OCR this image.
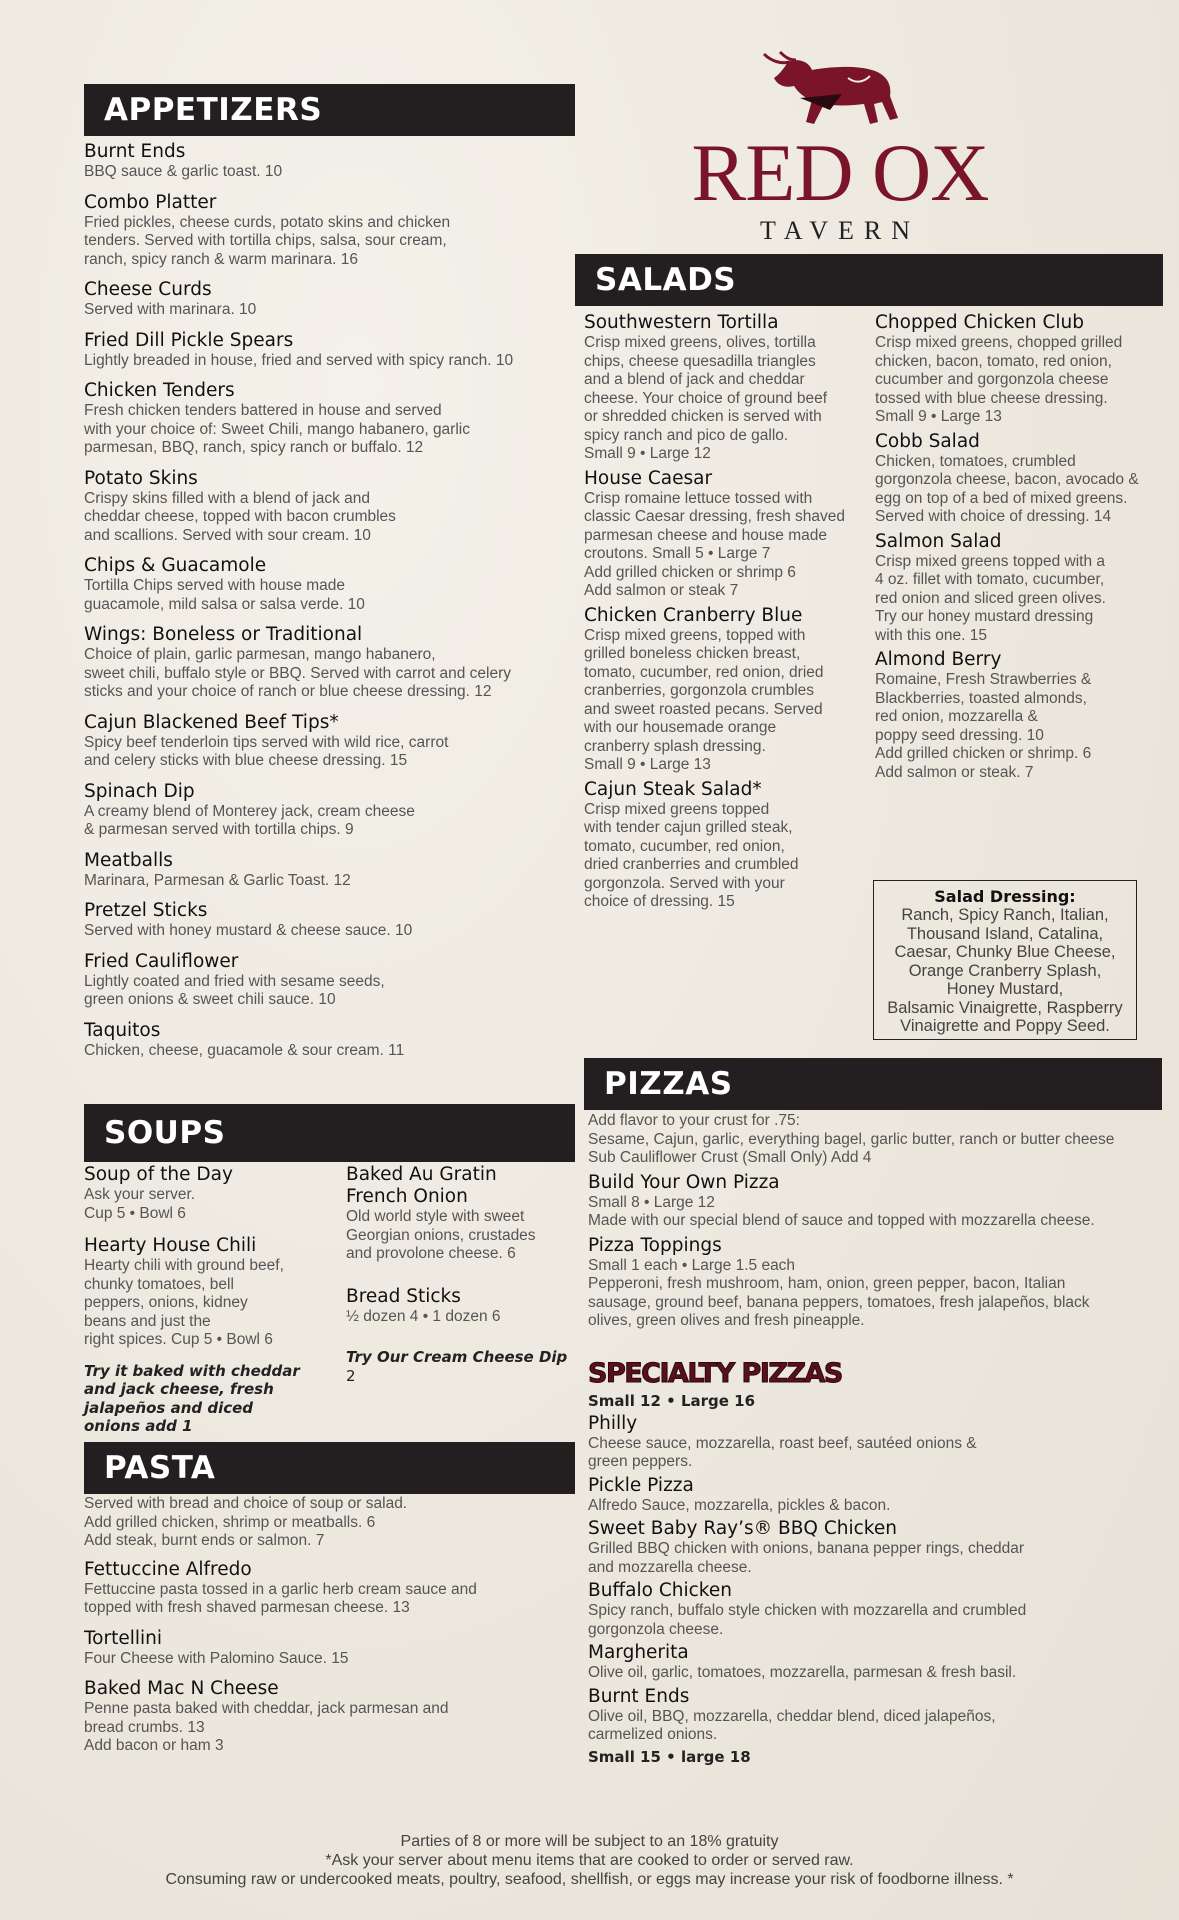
RED OX
TAVERN
APPETIZERS
Burnt Ends
BBQ sauce & garlic toast. 10
Combo Platter
Fried pickles, cheese curds, potato skins and chicken
tenders. Served with tortilla chips, salsa, sour cream,
ranch, spicy ranch & warm marinara. 16
Cheese Curds
Served with marinara. 10
Fried Dill Pickle Spears
Lightly breaded in house, fried and served with spicy ranch. 10
Chicken Tenders
Fresh chicken tenders battered in house and served
with your choice of: Sweet Chili, mango habanero, garlic
parmesan, BBQ, ranch, spicy ranch or buffalo. 12
Potato Skins
Crispy skins filled with a blend of jack and
cheddar cheese, topped with bacon crumbles
and scallions. Served with sour cream. 10
Chips & Guacamole
Tortilla Chips served with house made
guacamole, mild salsa or salsa verde. 10
Wings: Boneless or Traditional
Choice of plain, garlic parmesan, mango habanero,
sweet chili, buffalo style or BBQ. Served with carrot and celery
sticks and your choice of ranch or blue cheese dressing. 12
Cajun Blackened Beef Tips*
Spicy beef tenderloin tips served with wild rice, carrot
and celery sticks with blue cheese dressing. 15
Spinach Dip
A creamy blend of Monterey jack, cream cheese
& parmesan served with tortilla chips. 9
Meatballs
Marinara, Parmesan & Garlic Toast. 12
Pretzel Sticks
Served with honey mustard & cheese sauce. 10
Fried Cauliflower
Lightly coated and fried with sesame seeds,
green onions & sweet chili sauce. 10
Taquitos
Chicken, cheese, guacamole & sour cream. 11
SOUPS
Soup of the Day
Ask your server.
Cup 5 • Bowl 6
Hearty House Chili
Hearty chili with ground beef,
chunky tomatoes, bell
peppers, onions, kidney
beans and just the
right spices. Cup 5 • Bowl 6
Try it baked with cheddar and jack cheese, fresh jalapeños and diced onions add 1
Baked Au Gratin
French Onion
Old world style with sweet
Georgian onions, crustades
and provolone cheese. 6
Bread Sticks
½ dozen 4 • 1 dozen 6
Try Our Cream Cheese Dip  2
PASTA
Served with bread and choice of soup or salad.
Add grilled chicken, shrimp or meatballs. 6
Add steak, burnt ends or salmon. 7
Fettuccine Alfredo
Fettuccine pasta tossed in a garlic herb cream sauce and
topped with fresh shaved parmesan cheese. 13
Tortellini
Four Cheese with Palomino Sauce. 15
Baked Mac N Cheese
Penne pasta baked with cheddar, jack parmesan and
bread crumbs. 13
Add bacon or ham 3
SALADS
Southwestern Tortilla
Crisp mixed greens, olives, tortilla
chips, cheese quesadilla triangles
and a blend of jack and cheddar
cheese. Your choice of ground beef
or shredded chicken is served with
spicy ranch and pico de gallo.
Small 9 • Large 12
House Caesar
Crisp romaine lettuce tossed with
classic Caesar dressing, fresh shaved
parmesan cheese and house made
croutons. Small 5 • Large 7
Add grilled chicken or shrimp 6
Add salmon or steak 7
Chicken Cranberry Blue
Crisp mixed greens, topped with
grilled boneless chicken breast,
tomato, cucumber, red onion, dried
cranberries, gorgonzola crumbles
and sweet roasted pecans. Served
with our housemade orange
cranberry splash dressing.
Small 9 • Large 13
Cajun Steak Salad*
Crisp mixed greens topped
with tender cajun grilled steak,
tomato, cucumber, red onion,
dried cranberries and crumbled
gorgonzola. Served with your
choice of dressing. 15
Chopped Chicken Club
Crisp mixed greens, chopped grilled
chicken, bacon, tomato, red onion,
cucumber and gorgonzola cheese
tossed with blue cheese dressing.
Small 9 • Large 13
Cobb Salad
Chicken, tomatoes, crumbled
gorgonzola cheese, bacon, avocado &
egg on top of a bed of mixed greens.
Served with choice of dressing. 14
Salmon Salad
Crisp mixed greens topped with a
4 oz. fillet with tomato, cucumber,
red onion and sliced green olives.
Try our honey mustard dressing
with this one. 15
Almond Berry
Romaine, Fresh Strawberries &
Blackberries, toasted almonds,
red onion, mozzarella &
poppy seed dressing. 10
Add grilled chicken or shrimp. 6
Add salmon or steak. 7
Salad Dressing:
Ranch, Spicy Ranch, Italian,
Thousand Island, Catalina,
Caesar, Chunky Blue Cheese,
Orange Cranberry Splash,
Honey Mustard,
Balsamic Vinaigrette, Raspberry
Vinaigrette and Poppy Seed.
PIZZAS
Add flavor to your crust for .75:
Sesame, Cajun, garlic, everything bagel, garlic butter, ranch or butter cheese
Sub Cauliflower Crust (Small Only) Add 4
Build Your Own Pizza
Small 8 • Large 12
Made with our special blend of sauce and topped with mozzarella cheese.
Pizza Toppings
Small 1 each • Large 1.5 each
Pepperoni, fresh mushroom, ham, onion, green pepper, bacon, Italian
sausage, ground beef, banana peppers, tomatoes, fresh jalapeños, black
olives, green olives and fresh pineapple.
SPECIALTY PIZZAS
Small 12 • Large 16
Philly
Cheese sauce, mozzarella, roast beef, sautéed onions &
green peppers.
Pickle Pizza
Alfredo Sauce, mozzarella, pickles & bacon.
Sweet Baby Ray’s® BBQ Chicken
Grilled BBQ chicken with onions, banana pepper rings, cheddar
and mozzarella cheese.
Buffalo Chicken
Spicy ranch, buffalo style chicken with mozzarella and crumbled
gorgonzola cheese.
Margherita
Olive oil, garlic, tomatoes, mozzarella, parmesan & fresh basil.
Burnt Ends
Olive oil, BBQ, mozzarella, cheddar blend, diced jalapeños,
carmelized onions.
Small 15 • large 18
Parties of 8 or more will be subject to an 18% gratuity
*Ask your server about menu items that are cooked to order or served raw.
Consuming raw or undercooked meats, poultry, seafood, shellfish, or eggs may increase your risk of foodborne illness. *
